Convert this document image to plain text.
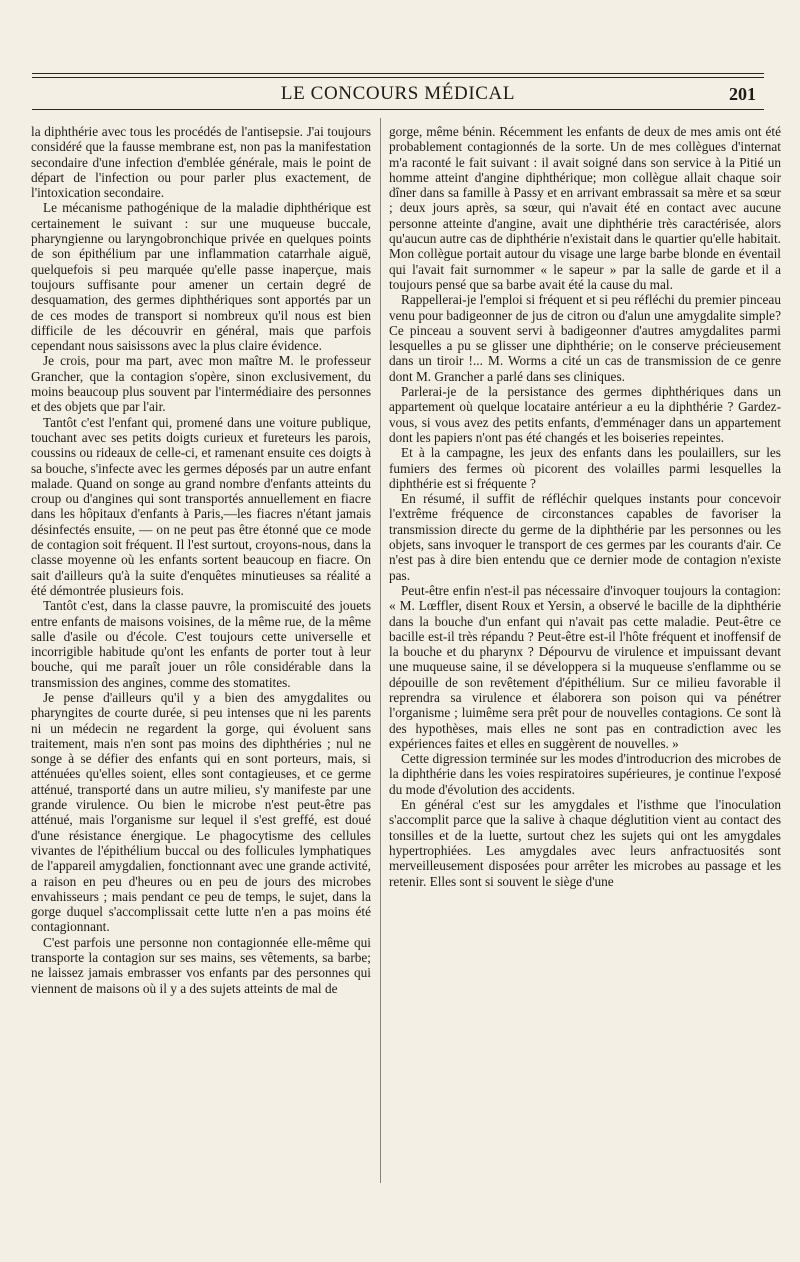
LE CONCOURS MÉDICAL	201

la diphthérie avec tous les procédés de l'antisepsie. J'ai toujours considéré que la fausse membrane est, non pas la manifestation secondaire d'une infection d'emblée générale, mais le point de départ de l'infection ou pour parler plus exactement, de l'intoxication secondaire.

Le mécanisme pathogénique de la maladie diphthérique est certainement le suivant : sur une muqueuse buccale, pharyngienne ou laryngobronchique privée en quelques points de son épithélium par une inflammation catarrhale aiguë, quelquefois si peu marquée qu'elle passe inaperçue, mais toujours suffisante pour amener un certain degré de desquamation, des germes diphthériques sont apportés par un de ces modes de transport si nombreux qu'il nous est bien difficile de les découvrir en général, mais que parfois cependant nous saisissons avec la plus claire évidence.

Je crois, pour ma part, avec mon maître M. le professeur Grancher, que la contagion s'opère, sinon exclusivement, du moins beaucoup plus souvent par l'intermédiaire des personnes et des objets que par l'air.

Tantôt c'est l'enfant qui, promené dans une voiture publique, touchant avec ses petits doigts curieux et fureteurs les parois, coussins ou rideaux de celle-ci, et ramenant ensuite ces doigts à sa bouche, s'infecte avec les germes déposés par un autre enfant malade. Quand on songe au grand nombre d'enfants atteints du croup ou d'angines qui sont transportés annuellement en fiacre dans les hôpitaux d'enfants à Paris,—les fiacres n'étant jamais désinfectés ensuite, — on ne peut pas être étonné que ce mode de contagion soit fréquent. Il l'est surtout, croyons-nous, dans la classe moyenne où les enfants sortent beaucoup en fiacre. On sait d'ailleurs qu'à la suite d'enquêtes minutieuses sa réalité a été démontrée plusieurs fois.

Tantôt c'est, dans la classe pauvre, la promiscuité des jouets entre enfants de maisons voisines, de la même rue, de la même salle d'asile ou d'école. C'est toujours cette universelle et incorrigible habitude qu'ont les enfants de porter tout à leur bouche, qui me paraît jouer un rôle considérable dans la transmission des angines, comme des stomatites.

Je pense d'ailleurs qu'il y a bien des amygdalites ou pharyngites de courte durée, si peu intenses que ni les parents ni un médecin ne regardent la gorge, qui évoluent sans traitement, mais n'en sont pas moins des diphthéries ; nul ne songe à se défier des enfants qui en sont porteurs, mais, si atténuées qu'elles soient, elles sont contagieuses, et ce germe atténué, transporté dans un autre milieu, s'y manifeste par une grande virulence. Ou bien le microbe n'est peut-être pas atténué, mais l'organisme sur lequel il s'est greffé, est doué d'une résistance énergique. Le phagocytisme des cellules vivantes de l'épithélium buccal ou des follicules lymphatiques de l'appareil amygdalien, fonctionnant avec une grande activité, a raison en peu d'heures ou en peu de jours des microbes envahisseurs ; mais pendant ce peu de temps, le sujet, dans la gorge duquel s'accomplissait cette lutte n'en a pas moins été contagionnant.

C'est parfois une personne non contagionnée elle-même qui transporte la contagion sur ses mains, ses vêtements, sa barbe; ne laissez jamais embrasser vos enfants par des personnes qui viennent de maisons où il y a des sujets atteints de mal de

gorge, même bénin. Récemment les enfants de deux de mes amis ont été probablement contagionnés de la sorte. Un de mes collègues d'internat m'a raconté le fait suivant : il avait soigné dans son service à la Pitié un homme atteint d'angine diphthérique; mon collègue allait chaque soir dîner dans sa famille à Passy et en arrivant embrassait sa mère et sa sœur ; deux jours après, sa sœur, qui n'avait été en contact avec aucune personne atteinte d'angine, avait une diphthérie très caractérisée, alors qu'aucun autre cas de diphthérie n'existait dans le quartier qu'elle habitait. Mon collègue portait autour du visage une large barbe blonde en éventail qui l'avait fait surnommer « le sapeur » par la salle de garde et il a toujours pensé que sa barbe avait été la cause du mal.

Rappellerai-je l'emploi si fréquent et si peu réfléchi du premier pinceau venu pour badigeonner de jus de citron ou d'alun une amygdalite simple? Ce pinceau a souvent servi à badigeonner d'autres amygdalites parmi lesquelles a pu se glisser une diphthérie; on le conserve précieusement dans un tiroir !... M. Worms a cité un cas de transmission de ce genre dont M. Grancher a parlé dans ses cliniques.

Parlerai-je de la persistance des germes diphthériques dans un appartement où quelque locataire antérieur a eu la diphthérie ? Gardez-vous, si vous avez des petits enfants, d'emménager dans un appartement dont les papiers n'ont pas été changés et les boiseries repeintes.

Et à la campagne, les jeux des enfants dans les poulaillers, sur les fumiers des fermes où picorent des volailles parmi lesquelles la diphthérie est si fréquente ?

En résumé, il suffit de réfléchir quelques instants pour concevoir l'extrême fréquence de circonstances capables de favoriser la transmission directe du germe de la diphthérie par les personnes ou les objets, sans invoquer le transport de ces germes par les courants d'air. Ce n'est pas à dire bien entendu que ce dernier mode de contagion n'existe pas.

Peut-être enfin n'est-il pas nécessaire d'invoquer toujours la contagion: « M. Lœffler, disent Roux et Yersin, a observé le bacille de la diphthérie dans la bouche d'un enfant qui n'avait pas cette maladie. Peut-être ce bacille est-il très répandu ? Peut-être est-il l'hôte fréquent et inoffensif de la bouche et du pharynx ? Dépourvu de virulence et impuissant devant une muqueuse saine, il se développera si la muqueuse s'enflamme ou se dépouille de son revêtement d'épithélium. Sur ce milieu favorable il reprendra sa virulence et élaborera son poison qui va pénétrer l'organisme ; luimême sera prêt pour de nouvelles contagions. Ce sont là des hypothèses, mais elles ne sont pas en contradiction avec les expériences faites et elles en suggèrent de nouvelles. »

Cette digression terminée sur les modes d'introducrion des microbes de la diphthérie dans les voies respiratoires supérieures, je continue l'exposé du mode d'évolution des accidents.

En général c'est sur les amygdales et l'isthme que l'inoculation s'accomplit parce que la salive à chaque déglutition vient au contact des tonsilles et de la luette, surtout chez les sujets qui ont les amygdales hypertrophiées. Les amygdales avec leurs anfractuosités sont merveilleusement disposées pour arrêter les microbes au passage et les retenir. Elles sont si souvent le siège d'une
